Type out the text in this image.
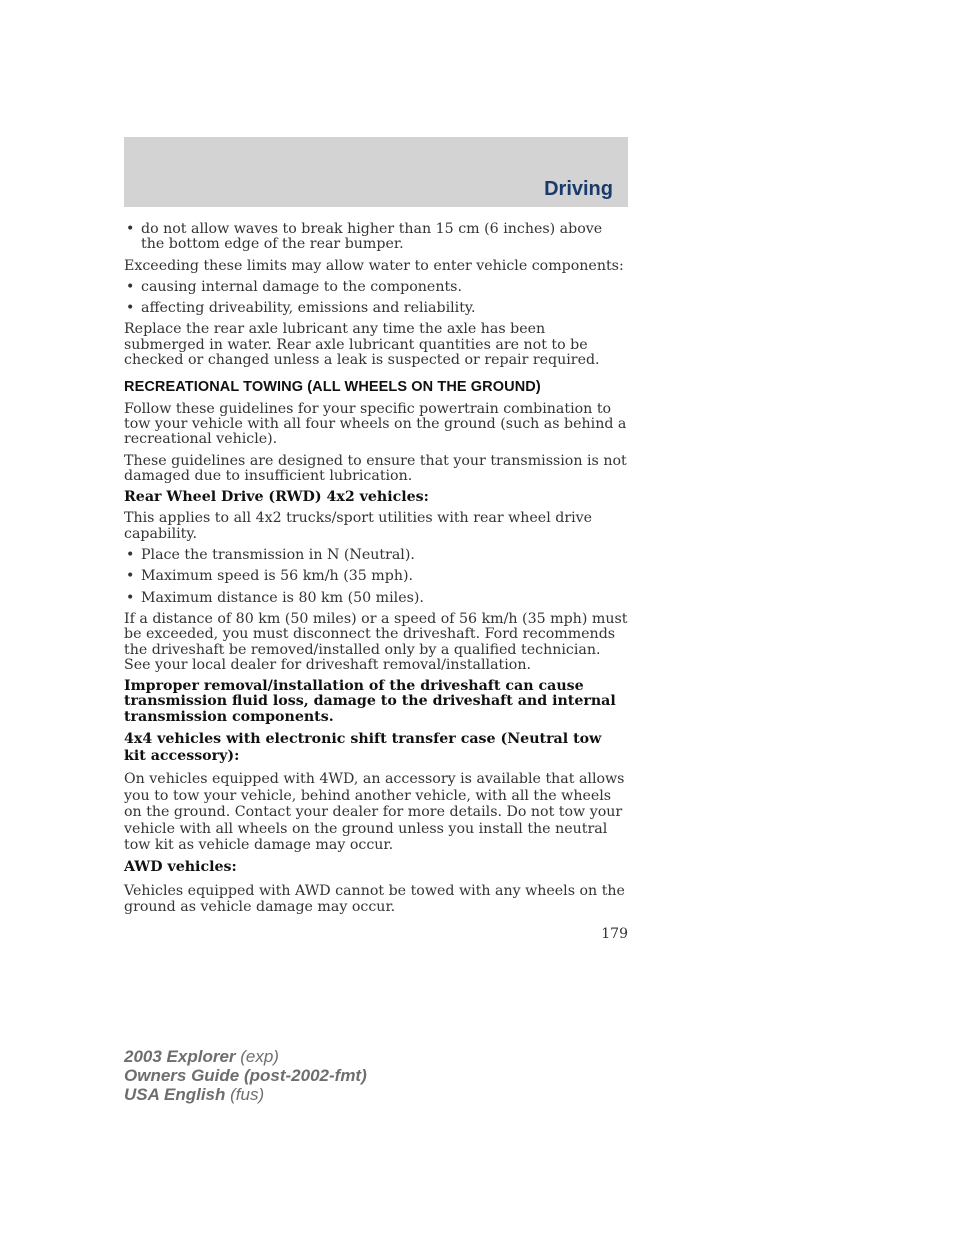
Driving
• do not allow waves to break higher than 15 cm (6 inches) above the bottom edge of the rear bumper.

Exceeding these limits may allow water to enter vehicle components:

• causing internal damage to the components.
• affecting driveability, emissions and reliability.

Replace the rear axle lubricant any time the axle has been submerged in water. Rear axle lubricant quantities are not to be checked or changed unless a leak is suspected or repair required.

RECREATIONAL TOWING (ALL WHEELS ON THE GROUND)

Follow these guidelines for your specific powertrain combination to tow your vehicle with all four wheels on the ground (such as behind a recreational vehicle).

These guidelines are designed to ensure that your transmission is not damaged due to insufficient lubrication.

Rear Wheel Drive (RWD) 4x2 vehicles:

This applies to all 4x2 trucks/sport utilities with rear wheel drive capability.

• Place the transmission in N (Neutral).
• Maximum speed is 56 km/h (35 mph).
• Maximum distance is 80 km (50 miles).

If a distance of 80 km (50 miles) or a speed of 56 km/h (35 mph) must be exceeded, you must disconnect the driveshaft. Ford recommends the driveshaft be removed/installed only by a qualified technician. See your local dealer for driveshaft removal/installation.

Improper removal/installation of the driveshaft can cause transmission fluid loss, damage to the driveshaft and internal transmission components.

4x4 vehicles with electronic shift transfer case (Neutral tow kit accessory):

On vehicles equipped with 4WD, an accessory is available that allows you to tow your vehicle, behind another vehicle, with all the wheels on the ground. Contact your dealer for more details. Do not tow your vehicle with all wheels on the ground unless you install the neutral tow kit as vehicle damage may occur.

AWD vehicles:

Vehicles equipped with AWD cannot be towed with any wheels on the ground as vehicle damage may occur.

179
2003 Explorer (exp)
Owners Guide (post-2002-fmt)
USA English (fus)
